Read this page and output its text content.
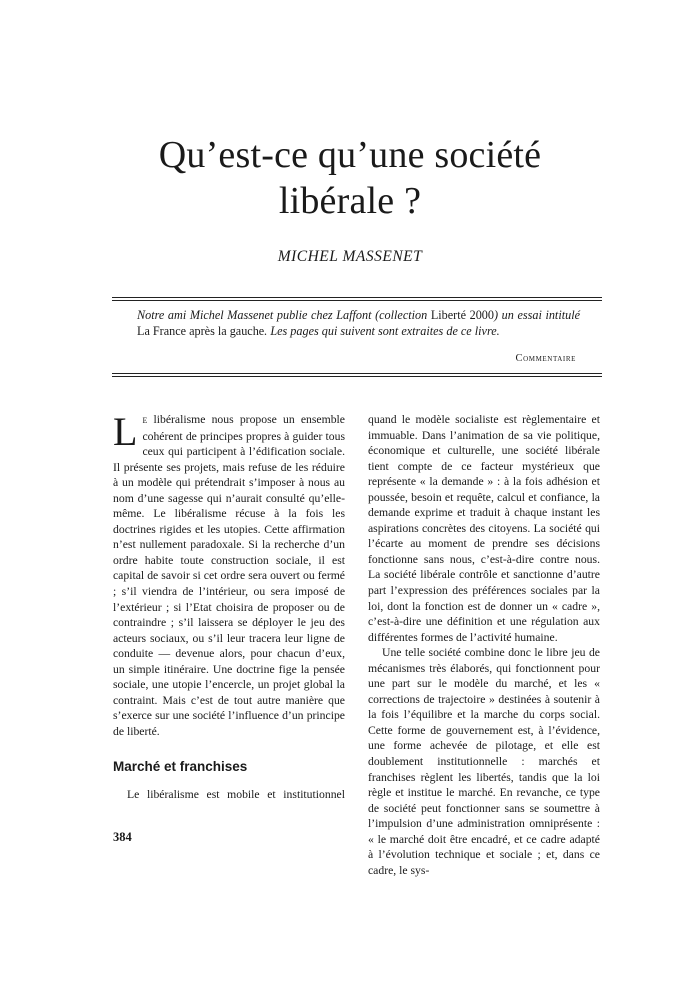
Qu’est-ce qu’une société
libérale ?
MICHEL MASSENET
Notre ami Michel Massenet publie chez Laffont (collection Liberté 2000) un essai intitulé La France après la gauche. Les pages qui suivent sont extraites de ce livre.
Commentaire

Le libéralisme nous propose un ensemble cohérent de principes propres à guider tous ceux qui participent à l’édification sociale. Il présente ses projets, mais refuse de les réduire à un modèle qui prétendrait s’imposer à nous au nom d’une sagesse qui n’aurait consulté qu’elle-même. Le libéralisme récuse à la fois les doctrines rigides et les utopies. Cette affirmation n’est nullement paradoxale. Si la recherche d’un ordre habite toute construction sociale, il est capital de savoir si cet ordre sera ouvert ou fermé ; s’il viendra de l’intérieur, ou sera imposé de l’extérieur ; si l’Etat choisira de proposer ou de contraindre ; s’il laissera se déployer le jeu des acteurs sociaux, ou s’il leur tracera leur ligne de conduite — devenue alors, pour chacun d’eux, un simple itinéraire. Une doctrine fige la pensée sociale, une utopie l’encercle, un projet global la contraint. Mais c’est de tout autre manière que s’exerce sur une société l’influence d’un principe de liberté.

Marché et franchises

Le libéralisme est mobile et institutionnel

quand le modèle socialiste est règlementaire et immuable. Dans l’animation de sa vie politique, économique et culturelle, une société libérale tient compte de ce facteur mystérieux que représente « la demande » : à la fois adhésion et poussée, besoin et requête, calcul et confiance, la demande exprime et traduit à chaque instant les aspirations concrètes des citoyens. La société qui l’écarte au moment de prendre ses décisions fonctionne sans nous, c’est-à-dire contre nous. La société libérale contrôle et sanctionne d’autre part l’expression des préférences sociales par la loi, dont la fonction est de donner un « cadre », c’est-à-dire une définition et une régulation aux différentes formes de l’activité humaine.

Une telle société combine donc le libre jeu de mécanismes très élaborés, qui fonctionnent pour une part sur le modèle du marché, et les « corrections de trajectoire » destinées à soutenir à la fois l’équilibre et la marche du corps social. Cette forme de gouvernement est, à l’évidence, une forme achevée de pilotage, et elle est doublement institutionnelle : marchés et franchises règlent les libertés, tandis que la loi règle et institue le marché. En revanche, ce type de société peut fonctionner sans se soumettre à l’impulsion d’une administration omniprésente : « le marché doit être encadré, et ce cadre adapté à l’évolution technique et sociale ; et, dans ce cadre, le sys-

384
